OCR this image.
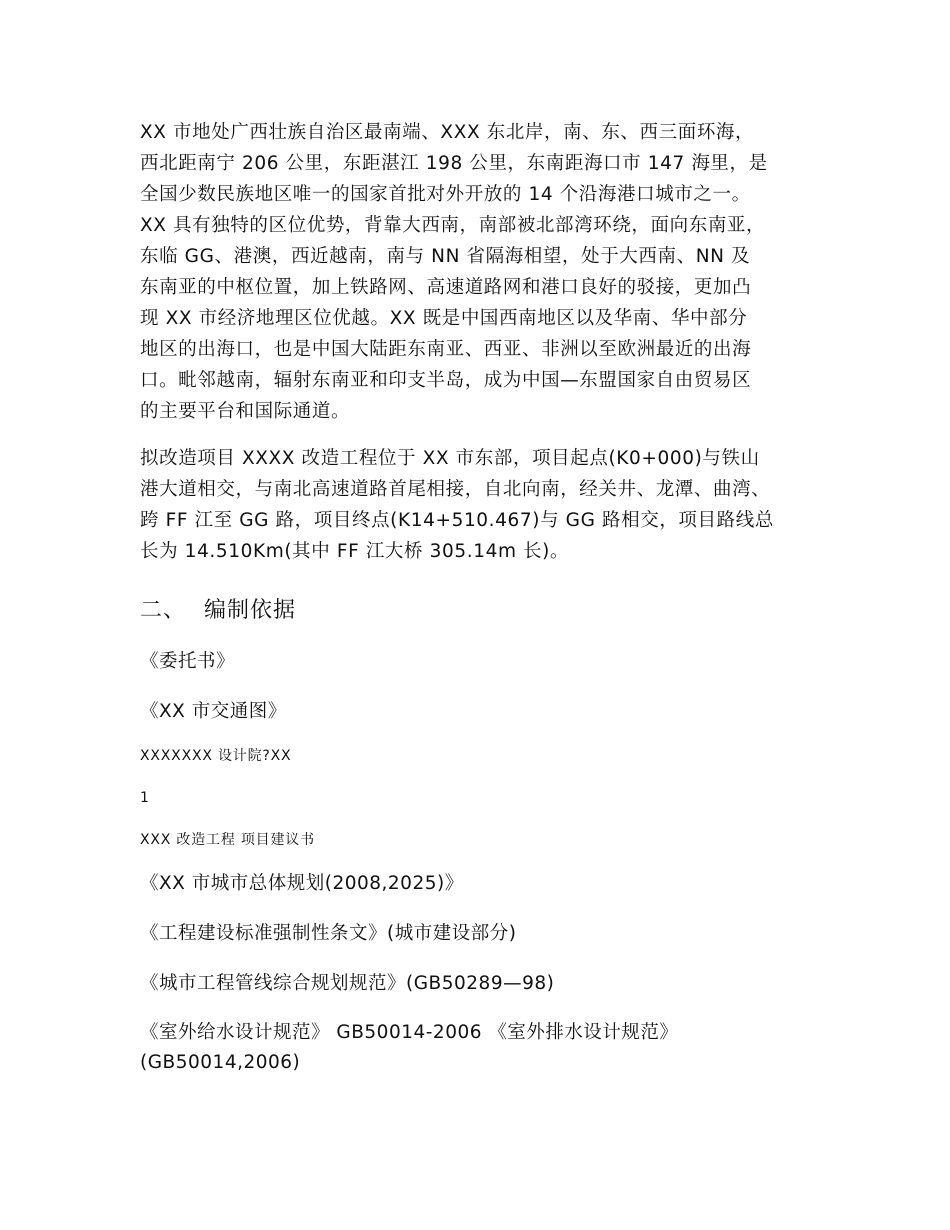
XX 市地处广西壮族自治区最南端、XXX 东北岸，南、东、西三面环海，
西北距南宁 206 公里，东距湛江 198 公里，东南距海口市 147 海里，是
全国少数民族地区唯一的国家首批对外开放的 14 个沿海港口城市之一。
XX 具有独特的区位优势，背靠大西南，南部被北部湾环绕，面向东南亚，
东临 GG、港澳，西近越南，南与 NN 省隔海相望，处于大西南、NN 及
东南亚的中枢位置，加上铁路网、高速道路网和港口良好的驳接，更加凸
现 XX 市经济地理区位优越。XX 既是中国西南地区以及华南、华中部分
地区的出海口，也是中国大陆距东南亚、西亚、非洲以至欧洲最近的出海
口。毗邻越南，辐射东南亚和印支半岛，成为中国—东盟国家自由贸易区
的主要平台和国际通道。
拟改造项目 XXXX 改造工程位于 XX 市东部，项目起点(K0+000)与铁山
港大道相交，与南北高速道路首尾相接，自北向南，经关井、龙潭、曲湾、
跨 FF 江至 GG 路，项目终点(K14+510.467)与 GG 路相交，项目路线总
长为 14.510Km(其中 FF 江大桥 305.14m 长)。
二、 编制依据
《委托书》
《XX 市交通图》
XXXXXXX 设计院?XX
1
XXX 改造工程 项目建议书
《XX 市城市总体规划(2008,2025)》
《工程建设标准强制性条文》(城市建设部分)
《城市工程管线综合规划规范》(GB50289—98)
《室外给水设计规范》 GB50014-2006 《室外排水设计规范》
(GB50014,2006)
